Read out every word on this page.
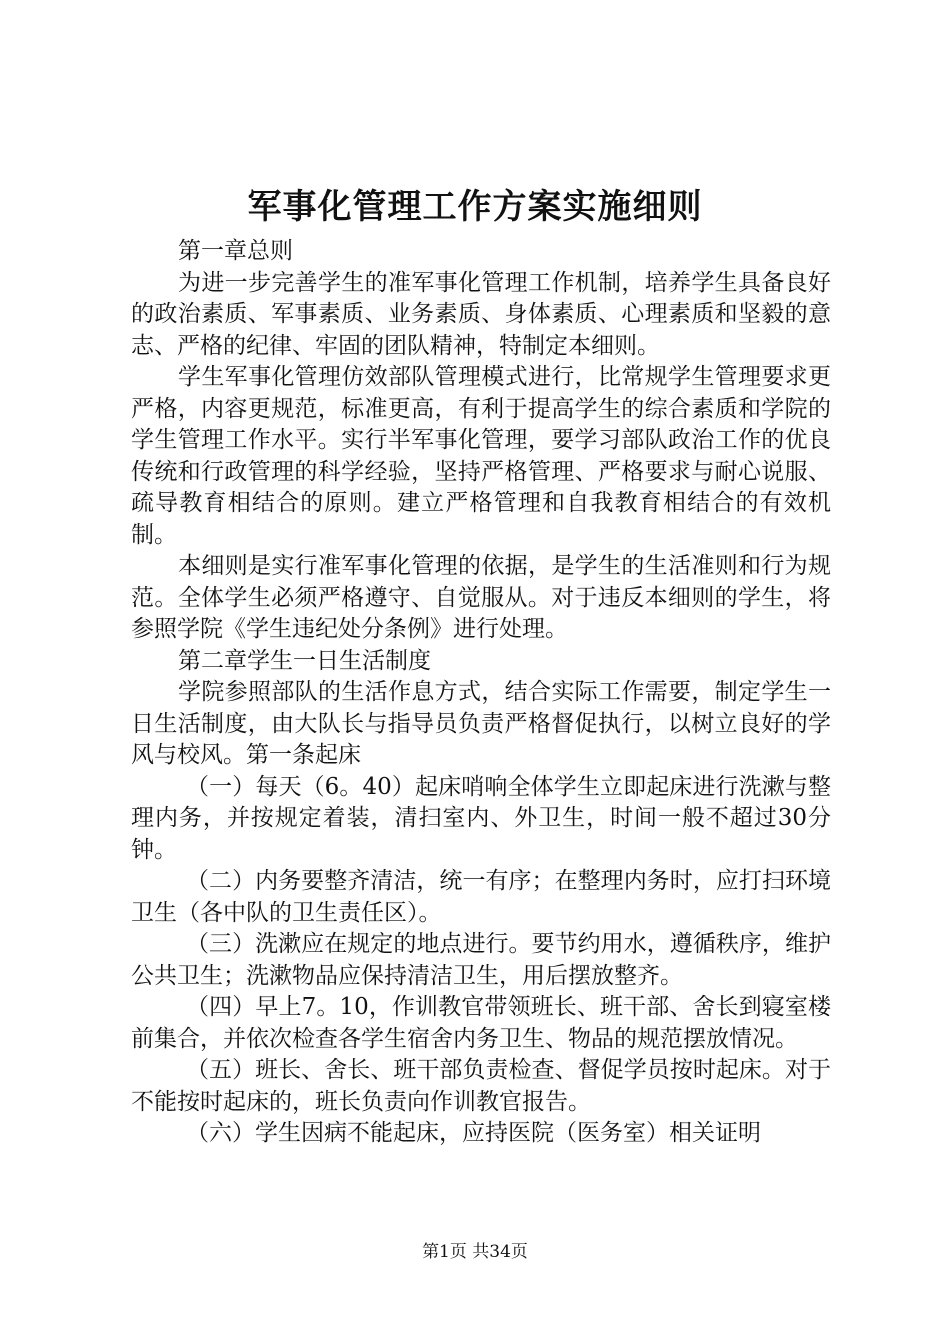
军事化管理工作方案实施细则

第一章总则

为进一步完善学生的准军事化管理工作机制，培养学生具备良好的政治素质、军事素质、业务素质、身体素质、心理素质和坚毅的意志、严格的纪律、牢固的团队精神，特制定本细则。

学生军事化管理仿效部队管理模式进行，比常规学生管理要求更严格，内容更规范，标准更高，有利于提高学生的综合素质和学院的学生管理工作水平。实行半军事化管理，要学习部队政治工作的优良传统和行政管理的科学经验，坚持严格管理、严格要求与耐心说服、疏导教育相结合的原则。建立严格管理和自我教育相结合的有效机制。

本细则是实行准军事化管理的依据，是学生的生活准则和行为规范。全体学生必须严格遵守、自觉服从。对于违反本细则的学生，将参照学院《学生违纪处分条例》进行处理。

第二章学生一日生活制度

学院参照部队的生活作息方式，结合实际工作需要，制定学生一日生活制度，由大队长与指导员负责严格督促执行，以树立良好的学风与校风。第一条起床

（一）每天（6。40）起床哨响全体学生立即起床进行洗漱与整理内务，并按规定着装，清扫室内、外卫生，时间一般不超过30分钟。

（二）内务要整齐清洁，统一有序；在整理内务时，应打扫环境卫生（各中队的卫生责任区）。

（三）洗漱应在规定的地点进行。要节约用水，遵循秩序，维护公共卫生；洗漱物品应保持清洁卫生，用后摆放整齐。

（四）早上7。10，作训教官带领班长、班干部、舍长到寝室楼前集合，并依次检查各学生宿舍内务卫生、物品的规范摆放情况。

（五）班长、舍长、班干部负责检查、督促学员按时起床。对于不能按时起床的，班长负责向作训教官报告。

（六）学生因病不能起床，应持医院（医务室）相关证明

第1页 共34页
